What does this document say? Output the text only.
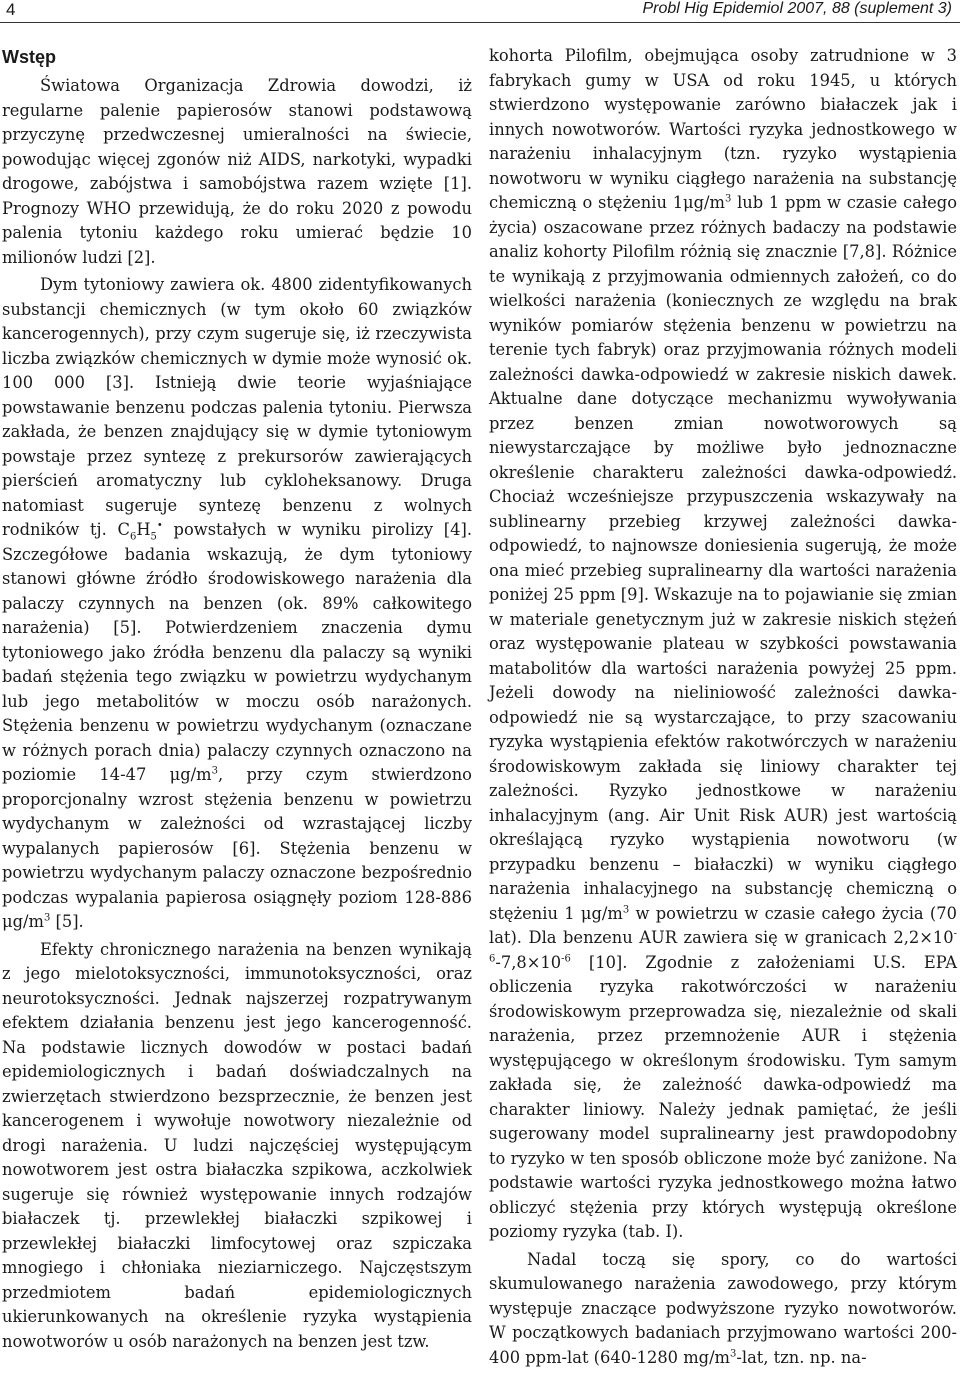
4	Probl Hig Epidemiol 2007, 88 (suplement 3)
Wstęp

Światowa Organizacja Zdrowia dowodzi, iż regularne palenie papierosów stanowi podstawową przyczynę przedwczesnej umieralności na świecie, powodując więcej zgonów niż AIDS, narkotyki, wypadki drogowe, zabójstwa i samobójstwa razem wzięte [1]. Prognozy WHO przewidują, że do roku 2020 z powodu palenia tytoniu każdego roku umierać będzie 10 milionów ludzi [2].

Dym tytoniowy zawiera ok. 4800 zidentyfikowanych substancji chemicznych (w tym około 60 związków kancerogennych), przy czym sugeruje się, iż rzeczywista liczba związków chemicznych w dymie może wynosić ok. 100 000 [3]. Istnieją dwie teorie wyjaśniające powstawanie benzenu podczas palenia tytoniu. Pierwsza zakłada, że benzen znajdujący się w dymie tytoniowym powstaje przez syntezę z prekursorów zawierających pierścień aromatyczny lub cykloheksanowy. Druga natomiast sugeruje syntezę benzenu z wolnych rodników tj. $C_6H_5^•$ powstałych w wyniku pirolizy [4]. Szczegółowe badania wskazują, że dym tytoniowy stanowi główne źródło środowiskowego narażenia dla palaczy czynnych na benzen (ok. 89% całkowitego narażenia) [5]. Potwierdzeniem znaczenia dymu tytoniowego jako źródła benzenu dla palaczy są wyniki badań stężenia tego związku w powietrzu wydychanym lub jego metabolitów w moczu osób narażonych. Stężenia benzenu w powietrzu wydychanym (oznaczane w różnych porach dnia) palaczy czynnych oznaczono na poziomie 14-47 $\mu g/m^3$, przy czym stwierdzono proporcjonalny wzrost stężenia benzenu w powietrzu wydychanym w zależności od wzrastającej liczby wypalanych papierosów [6]. Stężenia benzenu w powietrzu wydychanym palaczy oznaczone bezpośrednio podczas wypalania papierosa osiągnęły poziom 128-886 $\mu g/m^3$ [5].

Efekty chronicznego narażenia na benzen wynikają z jego mielotoksyczności, immunotoksyczności, oraz neurotoksyczności. Jednak najszerzej rozpatrywanym efektem działania benzenu jest jego kancerogenność. Na podstawie licznych dowodów w postaci badań epidemiologicznych i badań doświadczalnych na zwierzętach stwierdzono bezsprzecznie, że benzen jest kancerogenem i wywołuje nowotwory niezależnie od drogi narażenia. U ludzi najczęściej występującym nowotworem jest ostra białaczka szpikowa, aczkolwiek sugeruje się również występowanie innych rodzajów białaczek tj. przewlekłej białaczki szpikowej i przewlekłej białaczki limfocytowej oraz szpiczaka mnogiego i chłoniaka nieziarniczego. Najczęstszym przedmiotem badań epidemiologicznych ukierunkowanych na określenie ryzyka wystąpienia nowotworów u osób narażonych na benzen jest tzw.

kohorta Pilofilm, obejmująca osoby zatrudnione w 3 fabrykach gumy w USA od roku 1945, u których stwierdzono występowanie zarówno białaczek jak i innych nowotworów. Wartości ryzyka jednostkowego w narażeniu inhalacyjnym (tzn. ryzyko wystąpienia nowotworu w wyniku ciągłego narażenia na substancję chemiczną o stężeniu $1\mu g/m^3$ lub 1 ppm w czasie całego życia) oszacowane przez różnych badaczy na podstawie analiz kohorty Pilofilm różnią się znacznie [7,8]. Różnice te wynikają z przyjmowania odmiennych założeń, co do wielkości narażenia (koniecznych ze względu na brak wyników pomiarów stężenia benzenu w powietrzu na terenie tych fabryk) oraz przyjmowania różnych modeli zależności dawka-odpowiedź w zakresie niskich dawek. Aktualne dane dotyczące mechanizmu wywoływania przez benzen zmian nowotworowych są niewystarczające by możliwe było jednoznaczne określenie charakteru zależności dawka-odpowiedź. Chociaż wcześniejsze przypuszczenia wskazywały na sublinearny przebieg krzywej zależności dawka-odpowiedź, to najnowsze doniesienia sugerują, że może ona mieć przebieg supralinearny dla wartości narażenia poniżej 25 ppm [9]. Wskazuje na to pojawianie się zmian w materiale genetycznym już w zakresie niskich stężeń oraz występowanie plateau w szybkości powstawania matabolitów dla wartości narażenia powyżej 25 ppm. Jeżeli dowody na nieliniowość zależności dawka-odpowiedź nie są wystarczające, to przy szacowaniu ryzyka wystąpienia efektów rakotwórczych w narażeniu środowiskowym zakłada się liniowy charakter tej zależności. Ryzyko jednostkowe w narażeniu inhalacyjnym (ang. Air Unit Risk AUR) jest wartością określającą ryzyko wystąpienia nowotworu (w przypadku benzenu – białaczki) w wyniku ciągłego narażenia inhalacyjnego na substancję chemiczną o stężeniu 1 $\mu g/m^3$ w powietrzu w czasie całego życia (70 lat). Dla benzenu AUR zawiera się w granicach $2,2\times 10^{-6}-7,8\times 10^{-6}$ [10]. Zgodnie z założeniami U.S. EPA obliczenia ryzyka rakotwórczości w narażeniu środowiskowym przeprowadza się, niezależnie od skali narażenia, przez przemnożenie AUR i stężenia występującego w określonym środowisku. Tym samym zakłada się, że zależność dawka-odpowiedź ma charakter liniowy. Należy jednak pamiętać, że jeśli sugerowany model supralinearny jest prawdopodobny to ryzyko w ten sposób obliczone może być zaniżone. Na podstawie wartości ryzyka jednostkowego można łatwo obliczyć stężenia przy których występują określone poziomy ryzyka (tab. I).

Nadal toczą się spory, co do wartości skumulowanego narażenia zawodowego, przy którym występuje znaczące podwyższone ryzyko nowotworów. W początkowych badaniach przyjmowano wartości 200-400 ppm-lat (640-1280 $mg/m^3$-lat, tzn. np. na-
